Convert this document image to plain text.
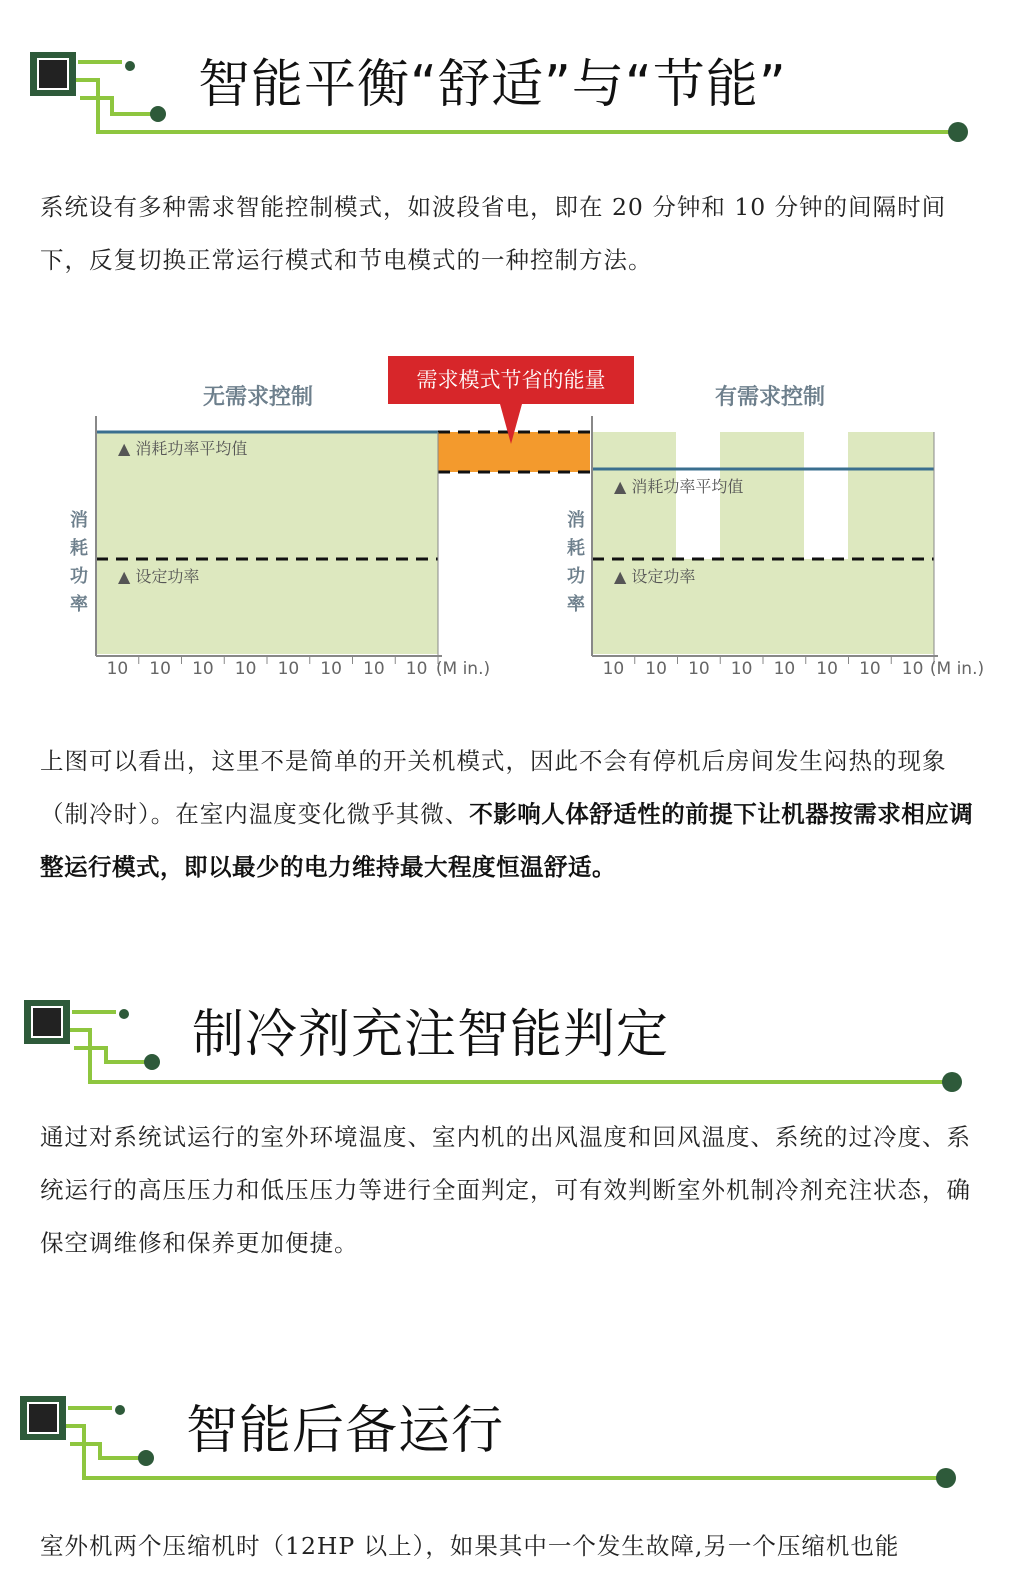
智能平衡“舒适”与“节能”

系统设有多种需求智能控制模式，如波段省电，即在 20 分钟和 10 分钟的间隔时间下，反复切换正常运行模式和节电模式的一种控制方法。

无需求控制	有需求控制
需求模式节省的能量
▲ 消耗功率平均值
▲ 消耗功率平均值
▲ 设定功率	▲ 设定功率
消
耗
功
率
消
耗
功
率
10 10 10 10 10 10 10 10	10 10 10 10 10 10 10 10
(M in.)	(M in.)

上图可以看出，这里不是简单的开关机模式，因此不会有停机后房间发生闷热的现象（制冷时）。在室内温度变化微乎其微、不影响人体舒适性的前提下让机器按需求相应调整运行模式，即以最少的电力维持最大程度恒温舒适。

制冷剂充注智能判定

通过对系统试运行的室外环境温度、室内机的出风温度和回风温度、系统的过冷度、系统运行的高压压力和低压压力等进行全面判定，可有效判断室外机制冷剂充注状态，确保空调维修和保养更加便捷。

智能后备运行

室外机两个压缩机时（12HP 以上），如果其中一个发生故障,另一个压缩机也能
